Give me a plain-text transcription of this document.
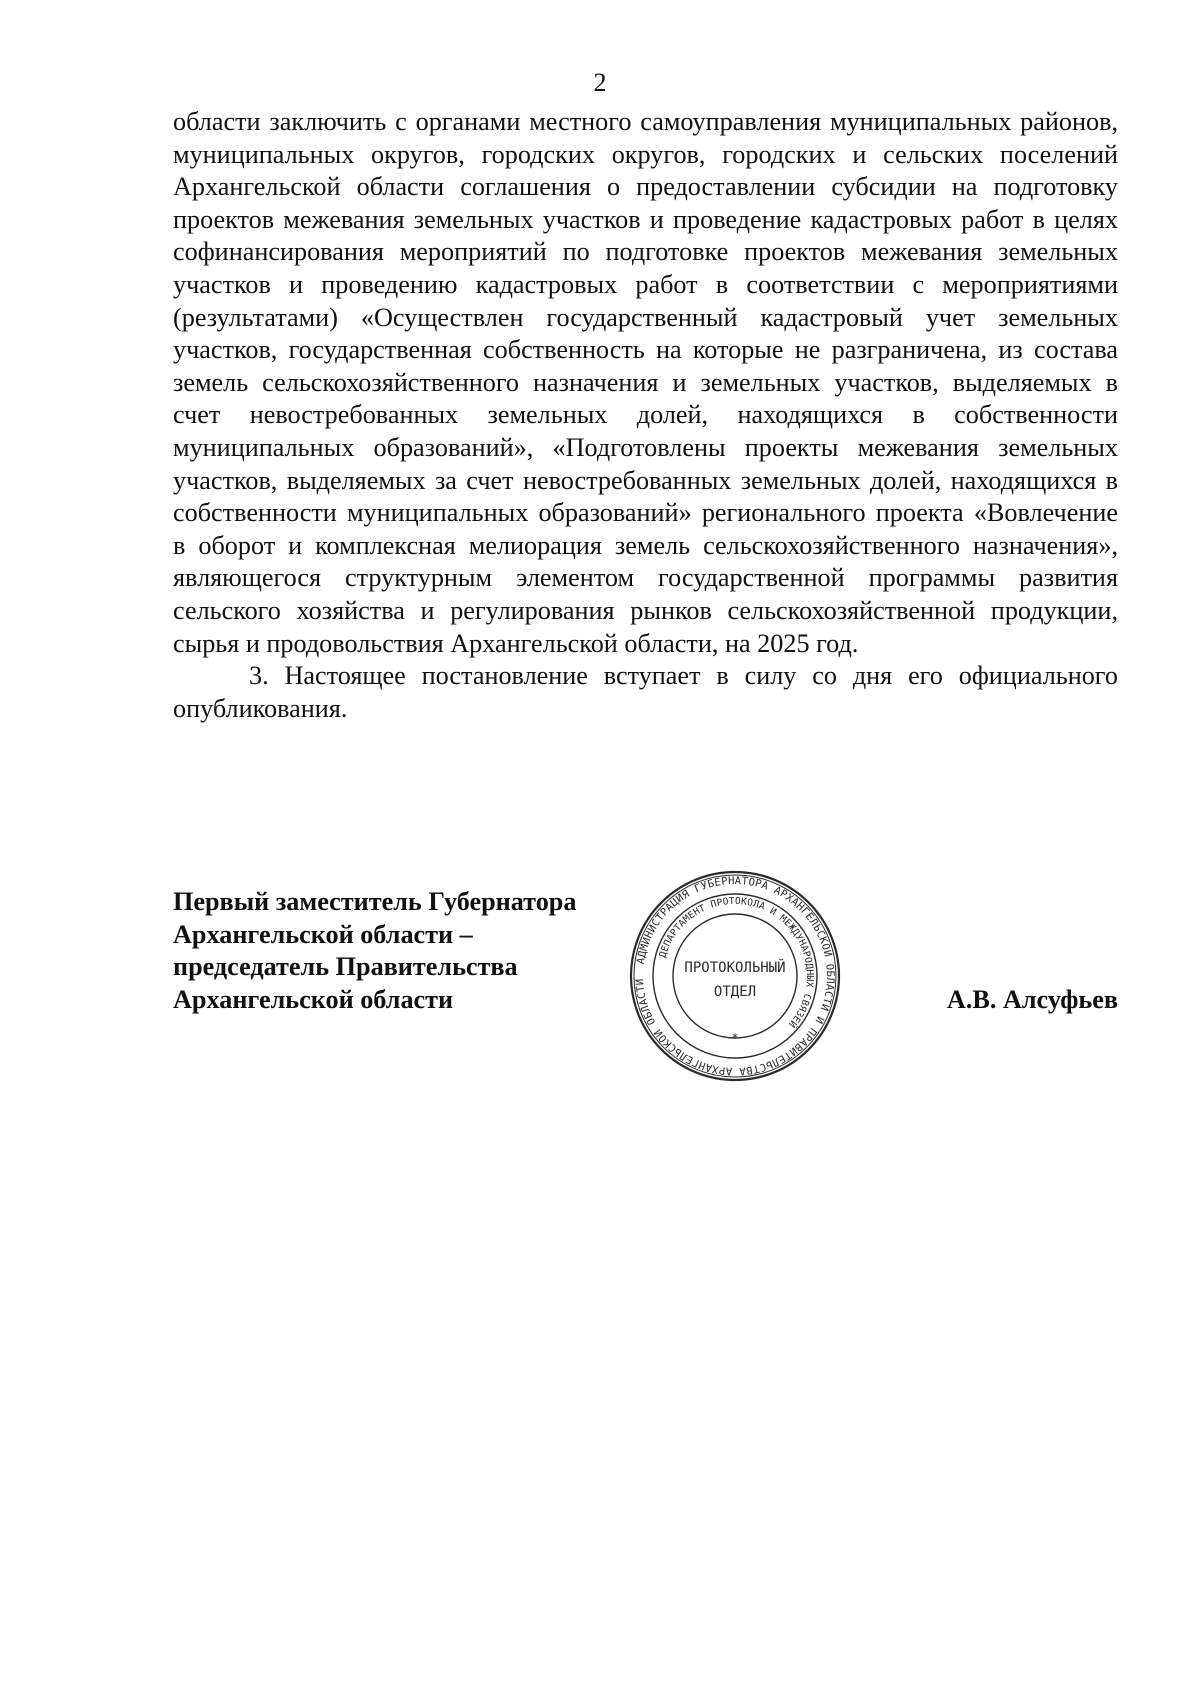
2

области заключить с органами местного самоуправления муниципальных районов, муниципальных округов, городских округов, городских и сельских поселений Архангельской области соглашения о предоставлении субсидии на подготовку проектов межевания земельных участков и проведение кадастровых работ в целях софинансирования мероприятий по подготовке проектов межевания земельных участков и проведению кадастровых работ в соответствии с мероприятиями (результатами) «Осуществлен государственный кадастровый учет земельных участков, государственная собственность на которые не разграничена, из состава земель сельскохозяйственного назначения и земельных участков, выделяемых в счет невостребованных земельных долей, находящихся в собственности муниципальных образований», «Подготовлены проекты межевания земельных участков, выделяемых за счет невостребованных земельных долей, находящихся в собственности муниципальных образований» регионального проекта «Вовлечение в оборот и комплексная мелиорация земель сельскохозяйственного назначения», являющегося структурным элементом государственной программы развития сельского хозяйства и регулирования рынков сельскохозяйственной продукции, сырья и продовольствия Архангельской области, на 2025 год.

3. Настоящее постановление вступает в силу со дня его официального опубликования.

Первый заместитель Губернатора
Архангельской области –
председатель Правительства
Архангельской области
АДМИНИСТРАЦИЯ ГУБЕРНАТОРА АРХАНГЕЛЬСКОЙ ОБЛАСТИ И ПРАВИТЕЛЬСТВА АРХАНГЕЛЬСКОЙ ОБЛАСТИ
ДЕПАРТАМЕНТ ПРОТОКОЛА И МЕЖДУНАРОДНЫХ СВЯЗЕЙ
ПРОТОКОЛЬНЫЙ
ОТДЕЛ
*
А.В. Алсуфьев
